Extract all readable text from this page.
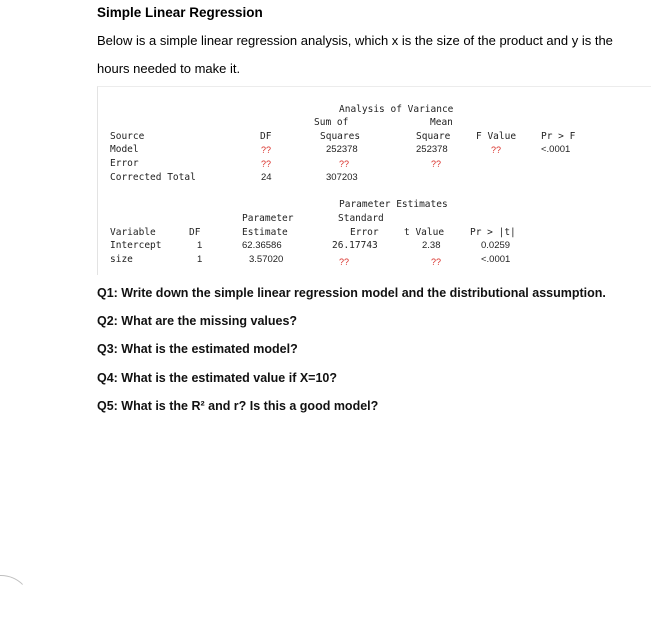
Simple Linear Regression
Below is a simple linear regression analysis, which x is the size of the product and y is the
hours needed to make it.
Analysis of Variance
Sum of	Mean
Source	DF	Squares	Square	F Value	Pr > F
Model	??	252378	252378	??	<.0001
Error	??	??	??
Corrected Total	24	307203
Parameter Estimates
Parameter	Standard
Variable	DF	Estimate	Error	t Value	Pr > |t|
Intercept	1	62.36586	26.17743	2.38	0.0259
size	1	3.57020	??	??	<.0001
Q1: Write down the simple linear regression model and the distributional assumption.
Q2: What are the missing values?
Q3: What is the estimated model?
Q4: What is the estimated value if X=10?
Q5: What is the R² and r? Is this a good model?
